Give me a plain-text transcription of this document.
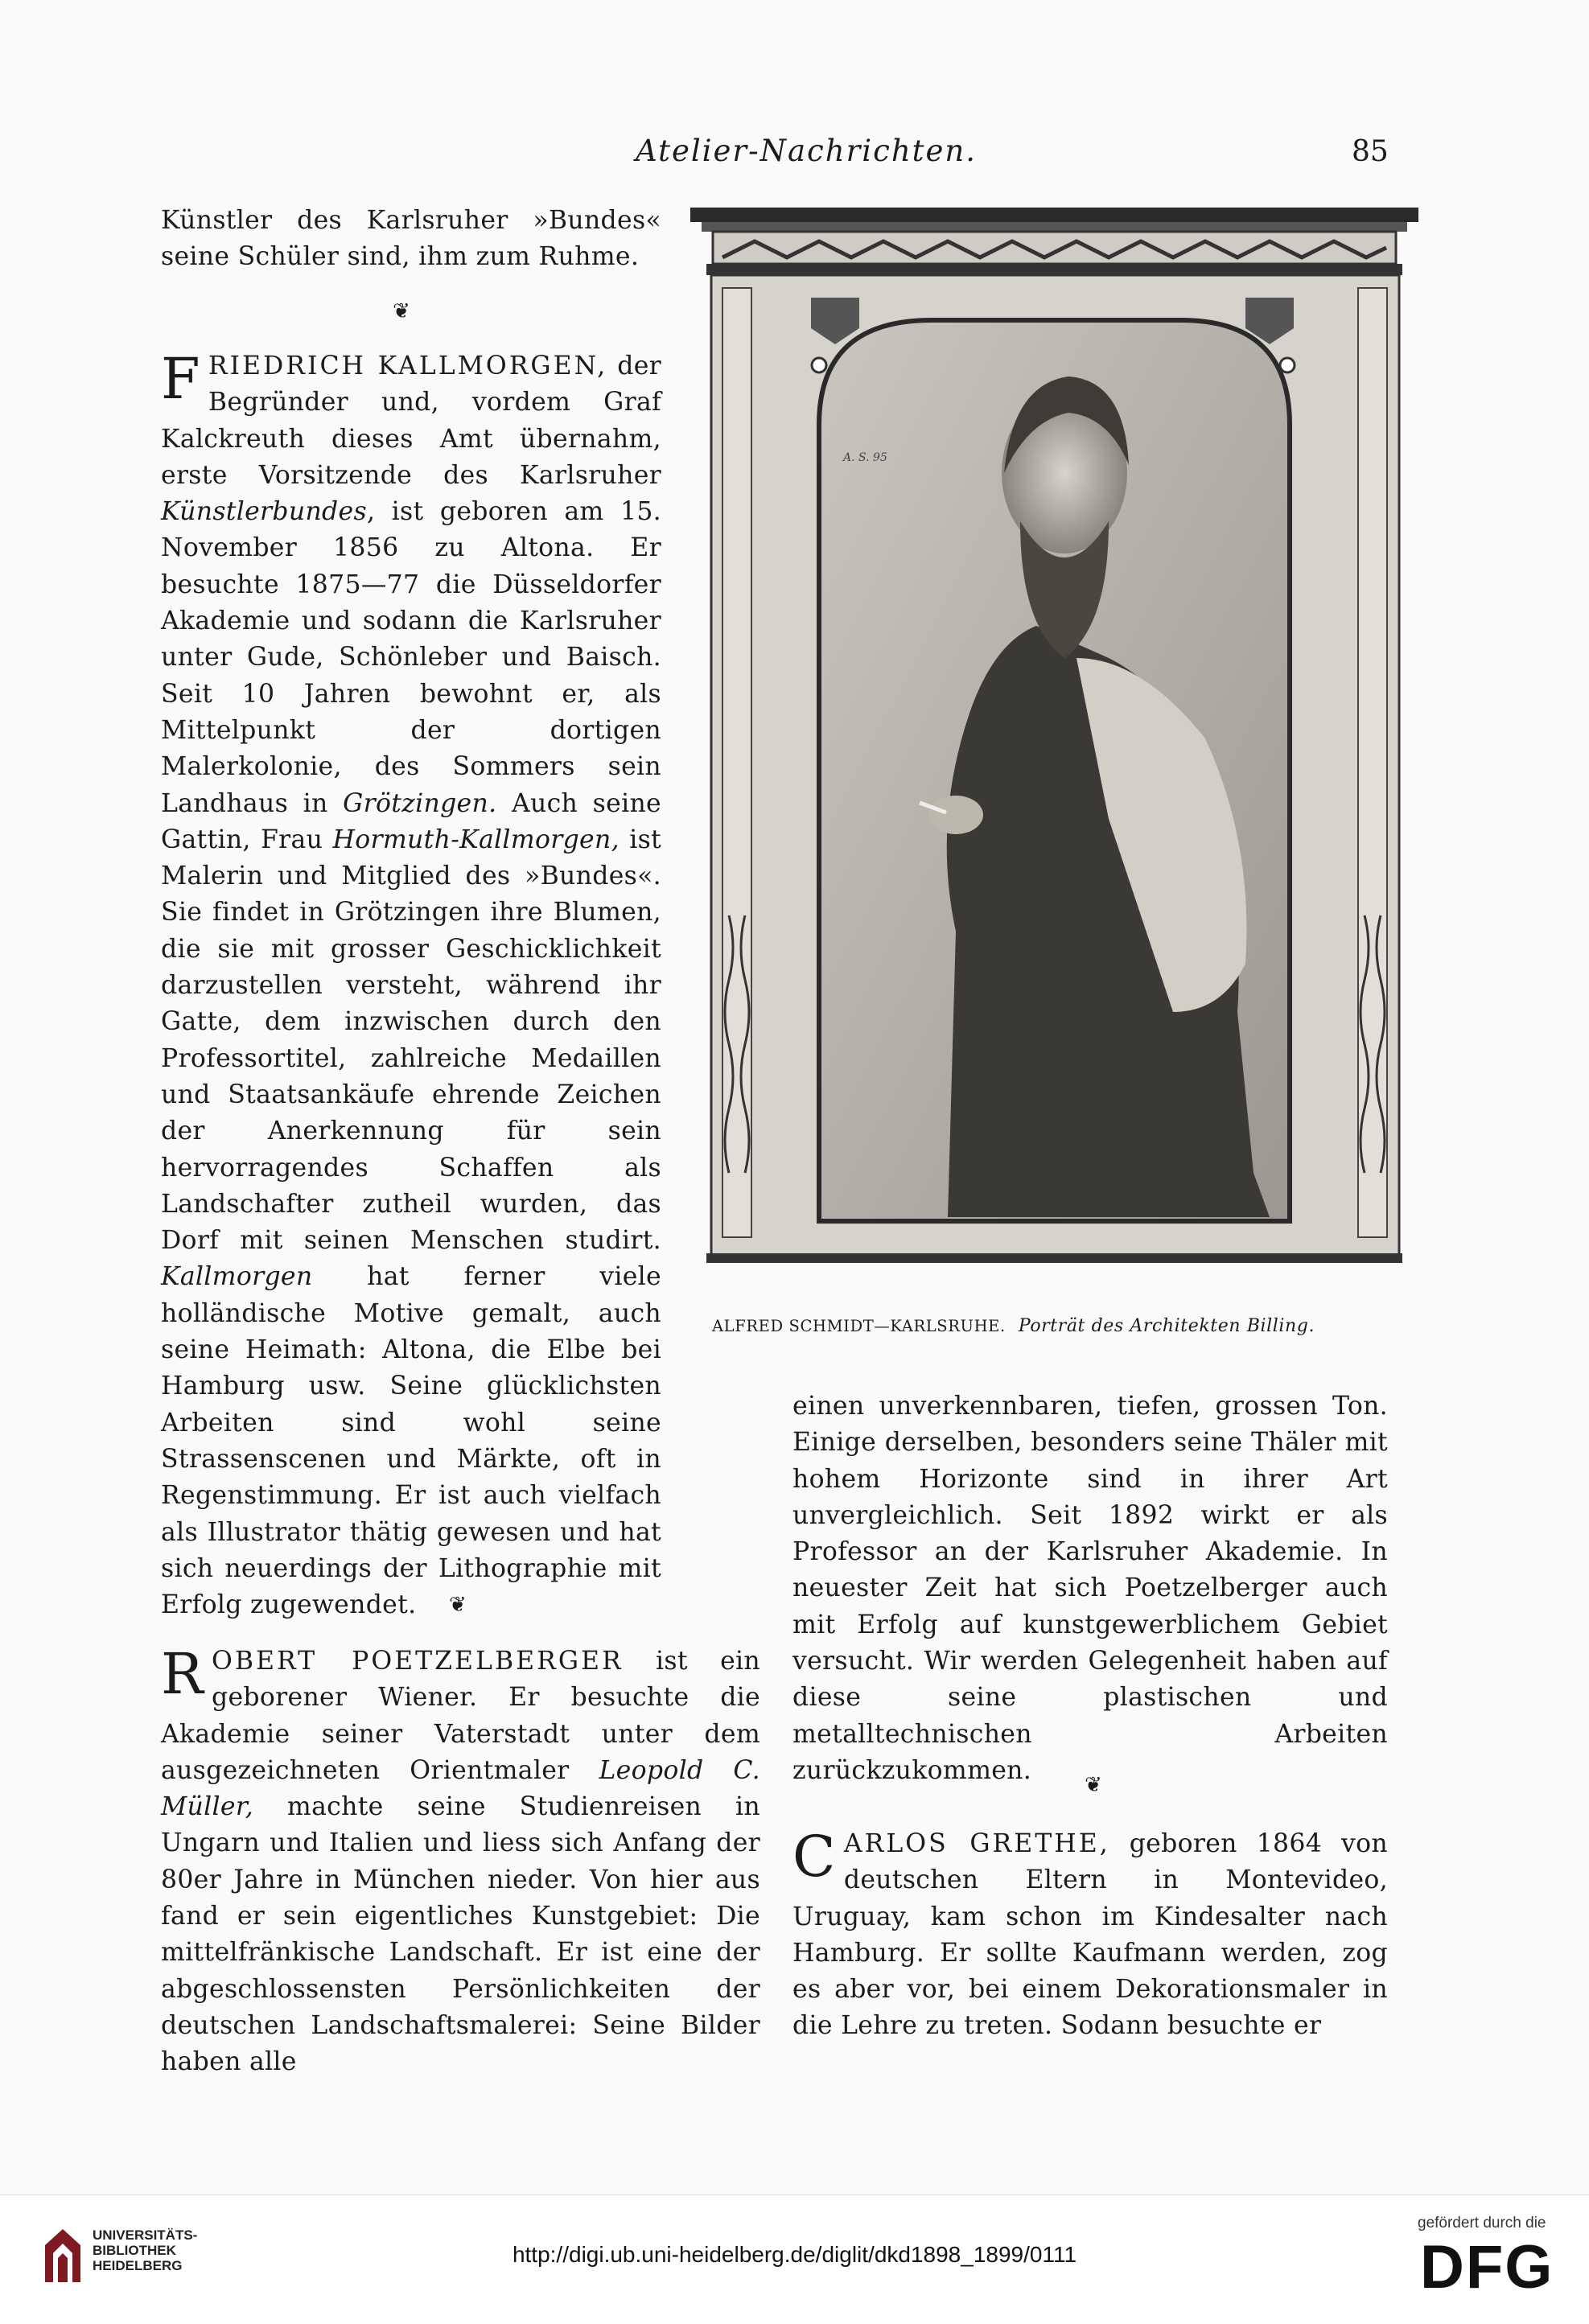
Atelier-Nachrichten.	85

Künstler des Karlsruher »Bundes« seine Schüler sind, ihm zum Ruhme.

❦

FRIEDRICH KALLMORGEN, der Begründer und, vordem Graf Kalckreuth dieses Amt übernahm, erste Vorsitzende des Karlsruher Künstlerbundes, ist geboren am 15. November 1856 zu Altona. Er besuchte 1875—77 die Düsseldorfer Akademie und sodann die Karlsruher unter Gude, Schönleber und Baisch. Seit 10 Jahren bewohnt er, als Mittelpunkt der dortigen Malerkolonie, des Sommers sein Landhaus in Grötzingen. Auch seine Gattin, Frau Hormuth-Kallmorgen, ist Malerin und Mitglied des »Bundes«. Sie findet in Grötzingen ihre Blumen, die sie mit grosser Geschicklichkeit darzustellen versteht, während ihr Gatte, dem inzwischen durch den Professortitel, zahlreiche Medaillen und Staatsankäufe ehrende Zeichen der Anerkennung für sein hervorragendes Schaffen als Landschafter zutheil wurden, das Dorf mit seinen Menschen studirt. Kallmorgen hat ferner viele holländische Motive gemalt, auch seine Heimath: Altona, die Elbe bei Hamburg usw. Seine glücklichsten Arbeiten sind wohl seine Strassenscenen und Märkte, oft in Regenstimmung. Er ist auch vielfach als Illustrator thätig gewesen und hat sich neuerdings der Lithographie mit Erfolg zugewendet.	❦

ROBERT POETZELBERGER ist ein geborener Wiener. Er besuchte die Akademie seiner Vaterstadt unter dem ausgezeichneten Orientmaler Leopold C. Müller, machte seine Studienreisen in Ungarn und Italien und liess sich Anfang der 80er Jahre in München nieder. Von hier aus fand er sein eigentliches Kunstgebiet: Die mittelfränkische Landschaft. Er ist eine der abgeschlossensten Persönlichkeiten der deutschen Landschaftsmalerei: Seine Bilder haben alle

A. S. 95
ALFRED SCHMIDT—KARLSRUHE. Porträt des Architekten Billing.

einen unverkennbaren, tiefen, grossen Ton. Einige derselben, besonders seine Thäler mit hohem Horizonte sind in ihrer Art unvergleichlich. Seit 1892 wirkt er als Professor an der Karlsruher Akademie. In neuester Zeit hat sich Poetzelberger auch mit Erfolg auf kunstgewerblichem Gebiet versucht. Wir werden Gelegenheit haben auf diese seine plastischen und metalltechnischen Arbeiten zurückzukommen.

❦

CARLOS GRETHE, geboren 1864 von deutschen Eltern in Montevideo, Uruguay, kam schon im Kindesalter nach Hamburg. Er sollte Kaufmann werden, zog es aber vor, bei einem Dekorationsmaler in die Lehre zu treten. Sodann besuchte er

UNIVERSITÄTS-
BIBLIOTHEK
HEIDELBERG	http://digi.ub.uni-heidelberg.de/diglit/dkd1898_1899/0111
gefördert durch die
DFG
